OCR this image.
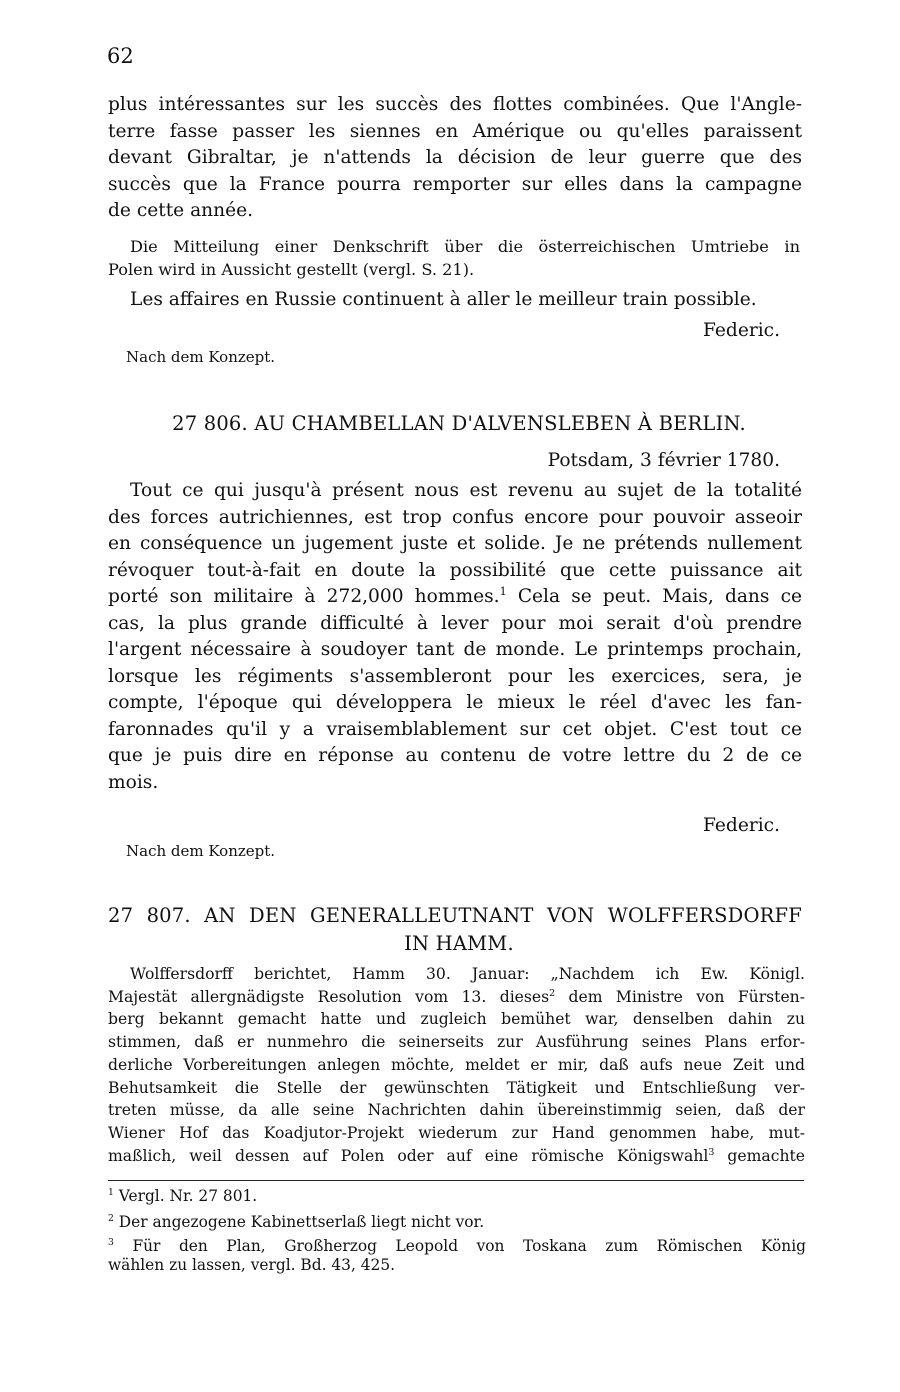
62

plus intéressantes sur les succès des flottes combinées. Que l'Angle-

terre fasse passer les siennes en Amérique ou qu'elles paraissent

devant Gibraltar, je n'attends la décision de leur guerre que des

succès que la France pourra remporter sur elles dans la campagne

de cette année.

Die Mitteilung einer Denkschrift über die österreichischen Umtriebe in

Polen wird in Aussicht gestellt (vergl. S. 21).

Les affaires en Russie continuent à aller le meilleur train possible.

Federic.
Nach dem Konzept.
27 806. AU CHAMBELLAN D'ALVENSLEBEN À BERLIN.
Potsdam, 3 février 1780.

Tout ce qui jusqu'à présent nous est revenu au sujet de la totalité

des forces autrichiennes, est trop confus encore pour pouvoir asseoir

en conséquence un jugement juste et solide. Je ne prétends nullement

révoquer tout-à-fait en doute la possibilité que cette puissance ait

porté son militaire à 272,000 hommes.$^1$ Cela se peut. Mais, dans ce

cas, la plus grande difficulté à lever pour moi serait d'où prendre

l'argent nécessaire à soudoyer tant de monde. Le printemps prochain,

lorsque les régiments s'assembleront pour les exercices, sera, je

compte, l'époque qui développera le mieux le réel d'avec les fan-

faronnades qu'il y a vraisemblablement sur cet objet. C'est tout ce

que je puis dire en réponse au contenu de votre lettre du 2 de ce

mois.

Federic.
Nach dem Konzept.
27 807. AN DEN GENERALLEUTNANT VON WOLFFERSDORFF
IN HAMM.

Wolffersdorff berichtet, Hamm 30. Januar: „Nachdem ich Ew. Königl.

Majestät allergnädigste Resolution vom 13. dieses$^2$ dem Ministre von Fürsten-

berg bekannt gemacht hatte und zugleich bemühet war, denselben dahin zu

stimmen, daß er nunmehro die seinerseits zur Ausführung seines Plans erfor-

derliche Vorbereitungen anlegen möchte, meldet er mir, daß aufs neue Zeit und

Behutsamkeit die Stelle der gewünschten Tätigkeit und Entschließung ver-

treten müsse, da alle seine Nachrichten dahin übereinstimmig seien, daß der

Wiener Hof das Koadjutor-Projekt wiederum zur Hand genommen habe, mut-

maßlich, weil dessen auf Polen oder auf eine römische Königswahl$^3$ gemachte

$^1$ Vergl. Nr. 27 801.
$^2$ Der angezogene Kabinettserlaß liegt nicht vor.
$^3$ Für den Plan, Großherzog Leopold von Toskana zum Römischen König
wählen zu lassen, vergl. Bd. 43, 425.
